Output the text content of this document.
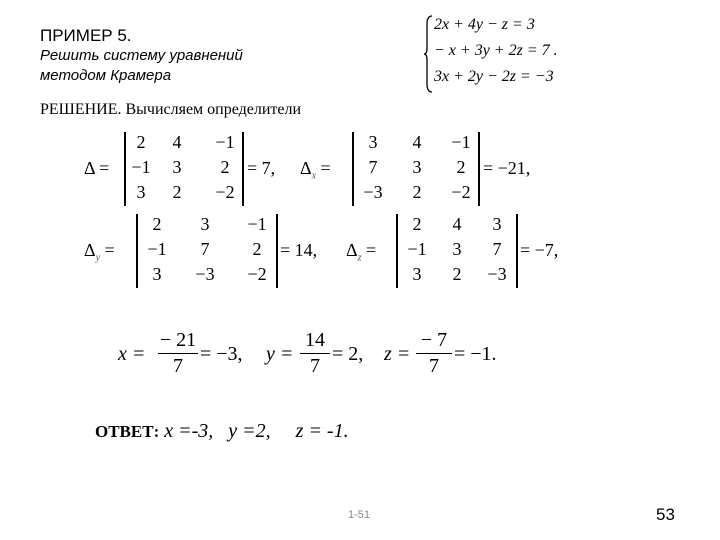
ПРИМЕР 5.
Решить систему уравнений
методом Крамера
2x + 4y − z = 3
− x + 3y + 2z = 7 .
3x + 2y − 2z = −3
РЕШЕНИЕ. Вычисляем определители
Δ =
2	4	−1
−1	3	2
3	2	−2
= 7, $\Delta_x$ =
3	4	−1
7	3	2
−3	2	−2
= −21,
$\Delta_y$ =
2	3	−1
−1	7	2
3	−3	−2
= 14, $\Delta_z$ =
2	4	3
−1	3	7
3	2	−3
= −7,
x =
− 21
7
= −3, y =
14
7
= 2, z =
− 7
7
= −1.
ОТВЕТ: x =-3,   y =2,     z = -1.
1-51	53
